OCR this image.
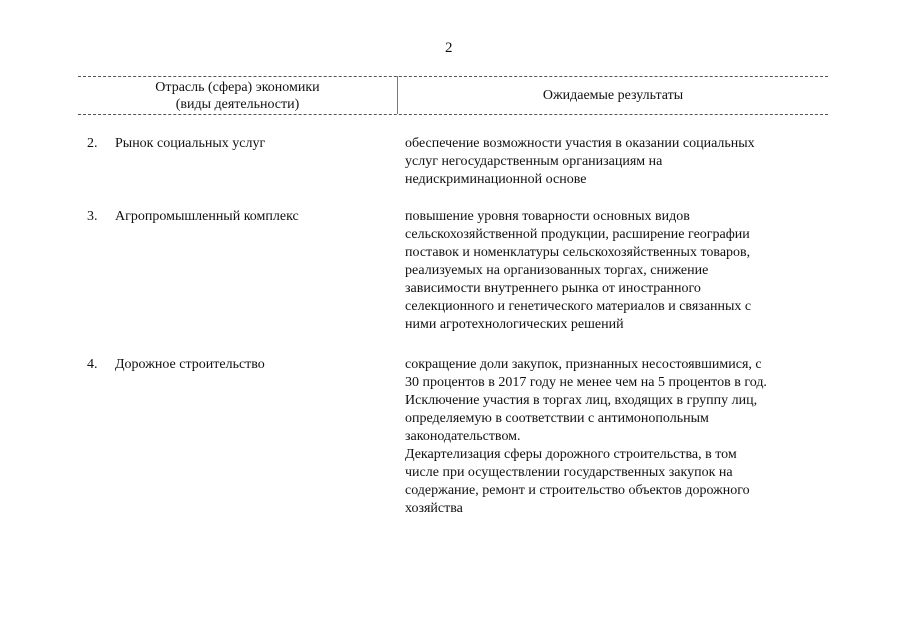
2
Отрасль (сфера) экономики
(виды деятельности)
Ожидаемые результаты
2. Рынок социальных услуг	обеспечение возможности участия в оказании социальных
услуг негосударственным организациям на
недискриминационной основе
3. Агропромышленный комплекс	повышение уровня товарности основных видов
сельскохозяйственной продукции, расширение географии
поставок и номенклатуры сельскохозяйственных товаров,
реализуемых на организованных торгах, снижение
зависимости внутреннего рынка от иностранного
селекционного и генетического материалов и связанных с
ними агротехнологических решений
4. Дорожное строительство	сокращение доли закупок, признанных несостоявшимися, с
30 процентов в 2017 году не менее чем на 5 процентов в год.
Исключение участия в торгах лиц, входящих в группу лиц,
определяемую в соответствии с антимонопольным
законодательством.
Декартелизация сферы дорожного строительства, в том
числе при осуществлении государственных закупок на
содержание, ремонт и строительство объектов дорожного
хозяйства
